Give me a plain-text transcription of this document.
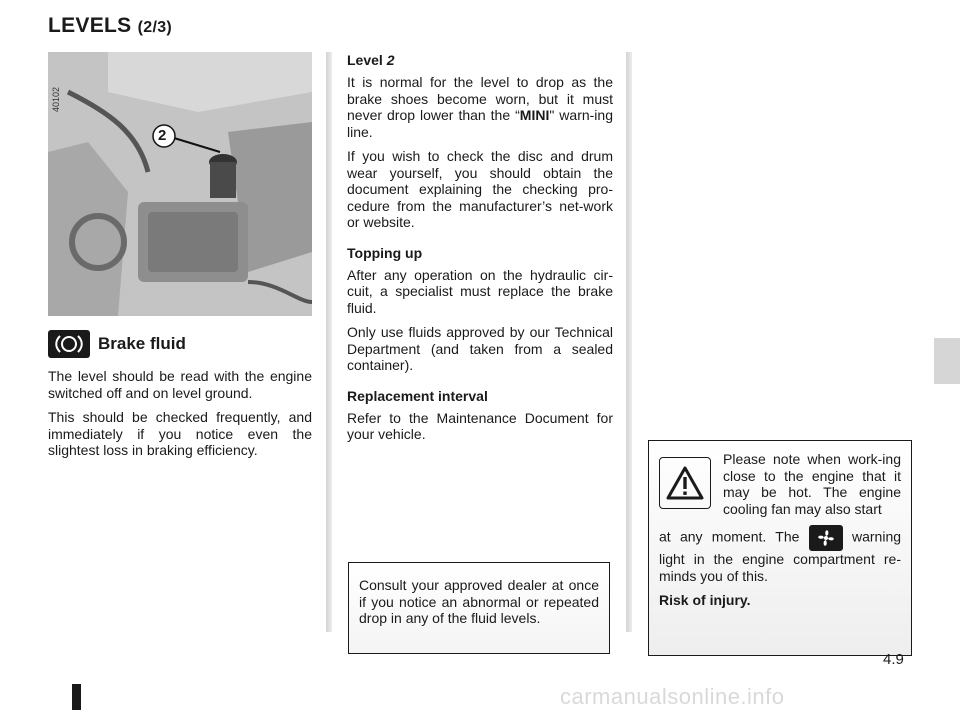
LEVELS (2/3)
40102
2
Brake fluid

The level should be read with the engine switched off and on level ground.

This should be checked frequently, and immediately if you notice even the slightest loss in braking efficiency.

Level 2

It is normal for the level to drop as the brake shoes become worn, but it must never drop lower than the “MINI" warn-ing line.

If you wish to check the disc and drum wear yourself, you should obtain the document explaining the checking pro-cedure from the manufacturer’s net-work or website.

Topping up

After any operation on the hydraulic cir-cuit, a specialist must replace the brake fluid.

Only use fluids approved by our Technical Department (and taken from a sealed container).

Replacement interval

Refer to the Maintenance Document for your vehicle.

Consult your approved dealer at once if you notice an abnormal or repeated drop in any of the fluid levels.

Please note when work-ing close to the engine that it may be hot. The engine cooling fan may also start

at any moment. The	warning light in the engine compartment re-minds you of this.

Risk of injury.

4.9
carmanualsonline.info
